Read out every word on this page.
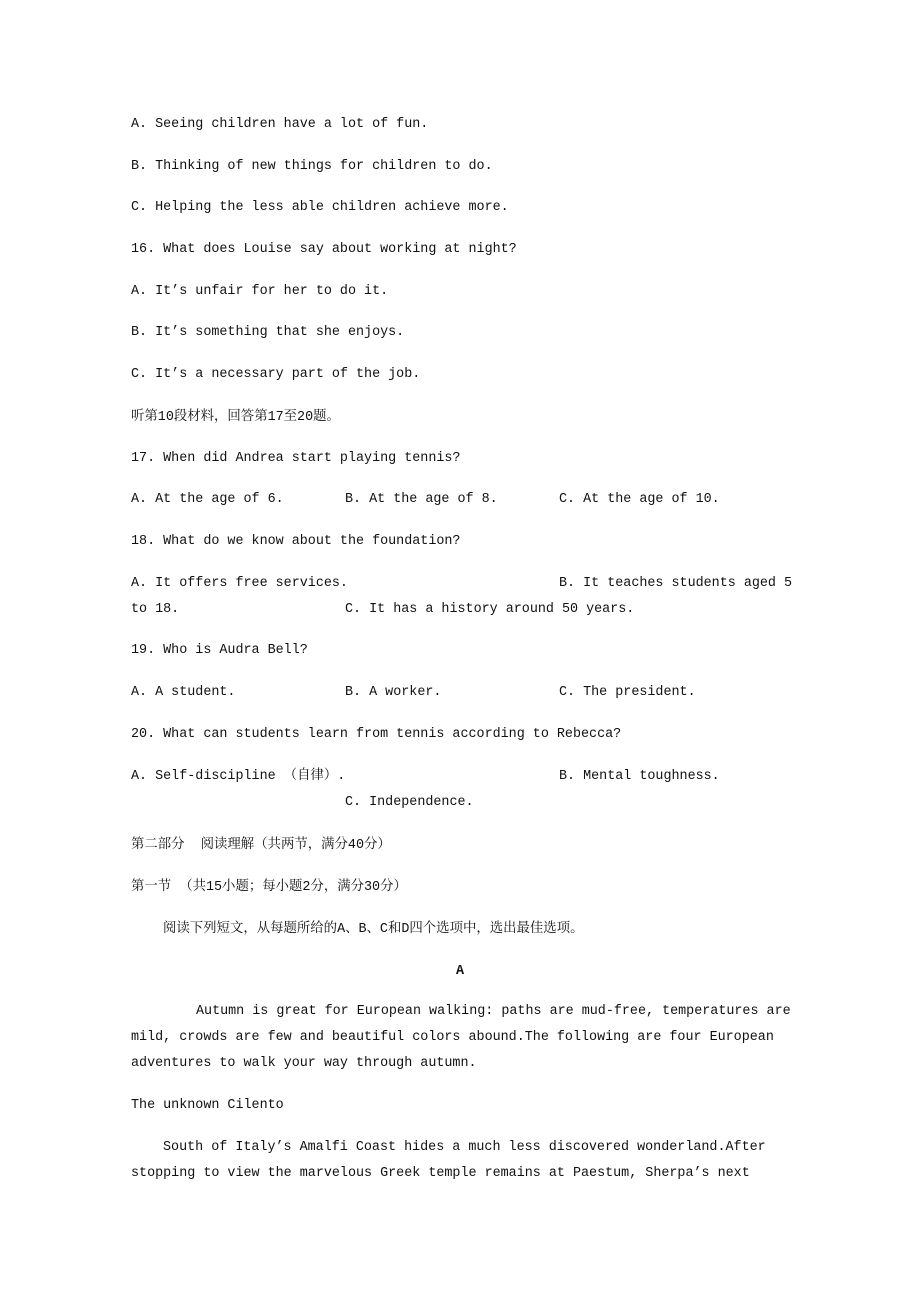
A. Seeing children have a lot of fun.
B. Thinking of new things for children to do.
C. Helping the less able children achieve more.
16. What does Louise say about working at night?
A. It’s unfair for her to do it.
B. It’s something that she enjoys.
C. It’s a necessary part of the job.
听第10段材料，回答第17至20题。
17. When did Andrea start playing tennis?
A. At the age of 6.	B. At the age of 8.	C. At the age of 10.
18. What do we know about the foundation?
A. It offers free services.	B. It teaches students aged 5
to 18.	C. It has a history around 50 years.
19. Who is Audra Bell?
A. A student.	B. A worker.	C. The president.
20. What can students learn from tennis according to Rebecca?
A. Self-discipline （自律）.	B. Mental toughness.
C. Independence.
第二部分  阅读理解（共两节，满分40分）
第一节 （共15小题；每小题2分，满分30分）
阅读下列短文，从每题所给的A、B、C和D四个选项中，选出最佳选项。
A
Autumn is great for European walking: paths are mud-free, temperatures are
mild, crowds are few and beautiful colors abound.The following are four European
adventures to walk your way through autumn.
The unknown Cilento
South of Italy’s Amalfi Coast hides a much less discovered wonderland.After
stopping to view the marvelous Greek temple remains at Paestum, Sherpa’s next
